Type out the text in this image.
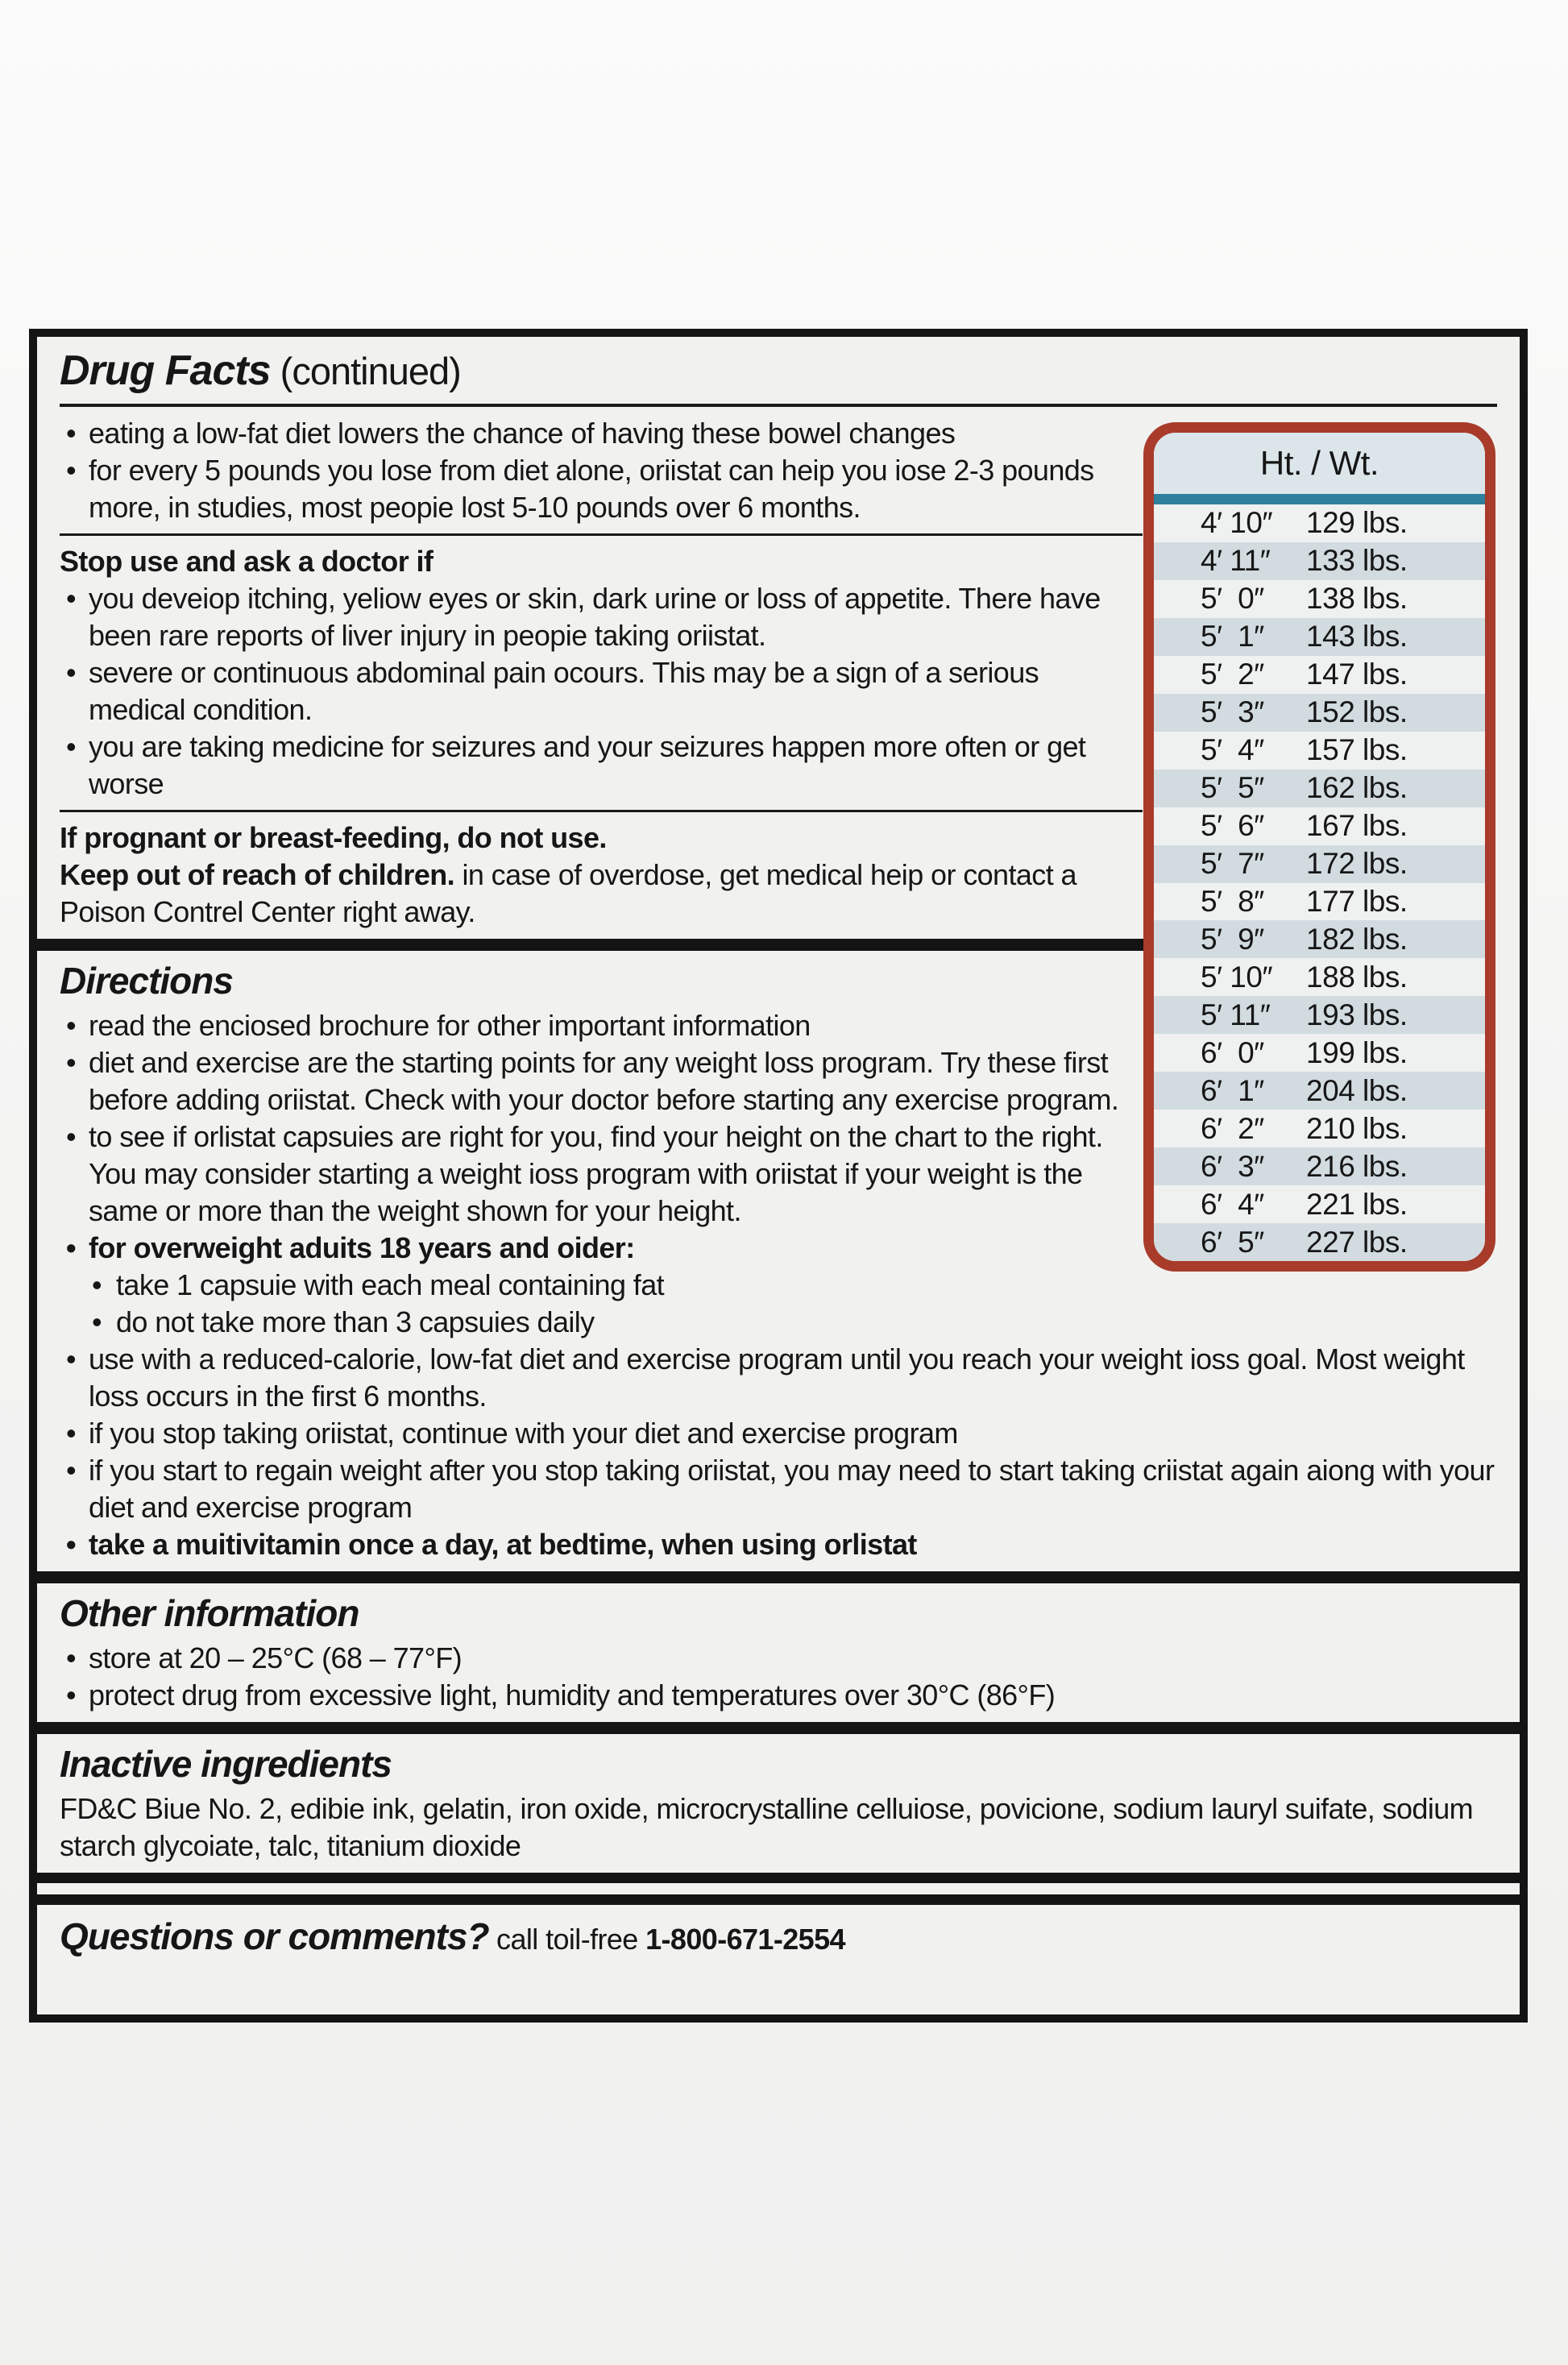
Drug Facts (continued)
• eating a low-fat diet lowers the chance of having these bowel changes
• for every 5 pounds you lose from diet alone, oriistat can heip you iose 2-3 pounds more, in studies, most peopie lost 5-10 pounds over 6 months.
Stop use and ask a doctor if
• you deveiop itching, yeliow eyes or skin, dark urine or loss of appetite. There have been rare reports of liver injury in peopie taking oriistat.
• severe or continuous abdominal pain ocours. This may be a sign of a serious medical condition.
• you are taking medicine for seizures and your seizures happen more often or get worse
If prognant or breast-feeding, do not use.
Keep out of reach of children. in case of overdose, get medical heip or contact a Poison Contrel Center right away.
Directions
• read the enciosed brochure for other important information
• diet and exercise are the starting points for any weight loss program. Try these first before adding oriistat. Check with your doctor before starting any exercise program.
• to see if orlistat capsuies are right for you, find your height on the chart to the right. You may consider starting a weight ioss program with oriistat if your weight is the same or more than the weight shown for your height.
• for overweight aduits 18 years and oider:
• take 1 capsuie with each meal containing fat
• do not take more than 3 capsuies daily
• use with a reduced-calorie, low-fat diet and exercise program until you reach your weight ioss goal. Most weight loss occurs in the first 6 months.
• if you stop taking oriistat, continue with your diet and exercise program
• if you start to regain weight after you stop taking oriistat, you may need to start taking criistat again aiong with your diet and exercise program
• take a muitivitamin once a day, at bedtime, when using orlistat
Other information
• store at 20 – 25°C (68 – 77°F)
• protect drug from excessive light, humidity and temperatures over 30°C (86°F)
Inactive ingredients
FD&C Biue No. 2, edibie ink, gelatin, iron oxide, microcrystalline celluiose, povicione, sodium lauryl suifate, sodium starch glycoiate, talc, titanium dioxide
Questions or comments? call toil-free 1-800-671-2554
Ht. / Wt.
4′ 10″	129 lbs.
4′ 11″	133 lbs.
5′  0″	138 lbs.
5′  1″	143 lbs.
5′  2″	147 lbs.
5′  3″	152 lbs.
5′  4″	157 lbs.
5′  5″	162 lbs.
5′  6″	167 lbs.
5′  7″	172 lbs.
5′  8″	177 lbs.
5′  9″	182 lbs.
5′ 10″	188 lbs.
5′ 11″	193 lbs.
6′  0″	199 lbs.
6′  1″	204 lbs.
6′  2″	210 lbs.
6′  3″	216 lbs.
6′  4″	221 lbs.
6′  5″	227 lbs.
